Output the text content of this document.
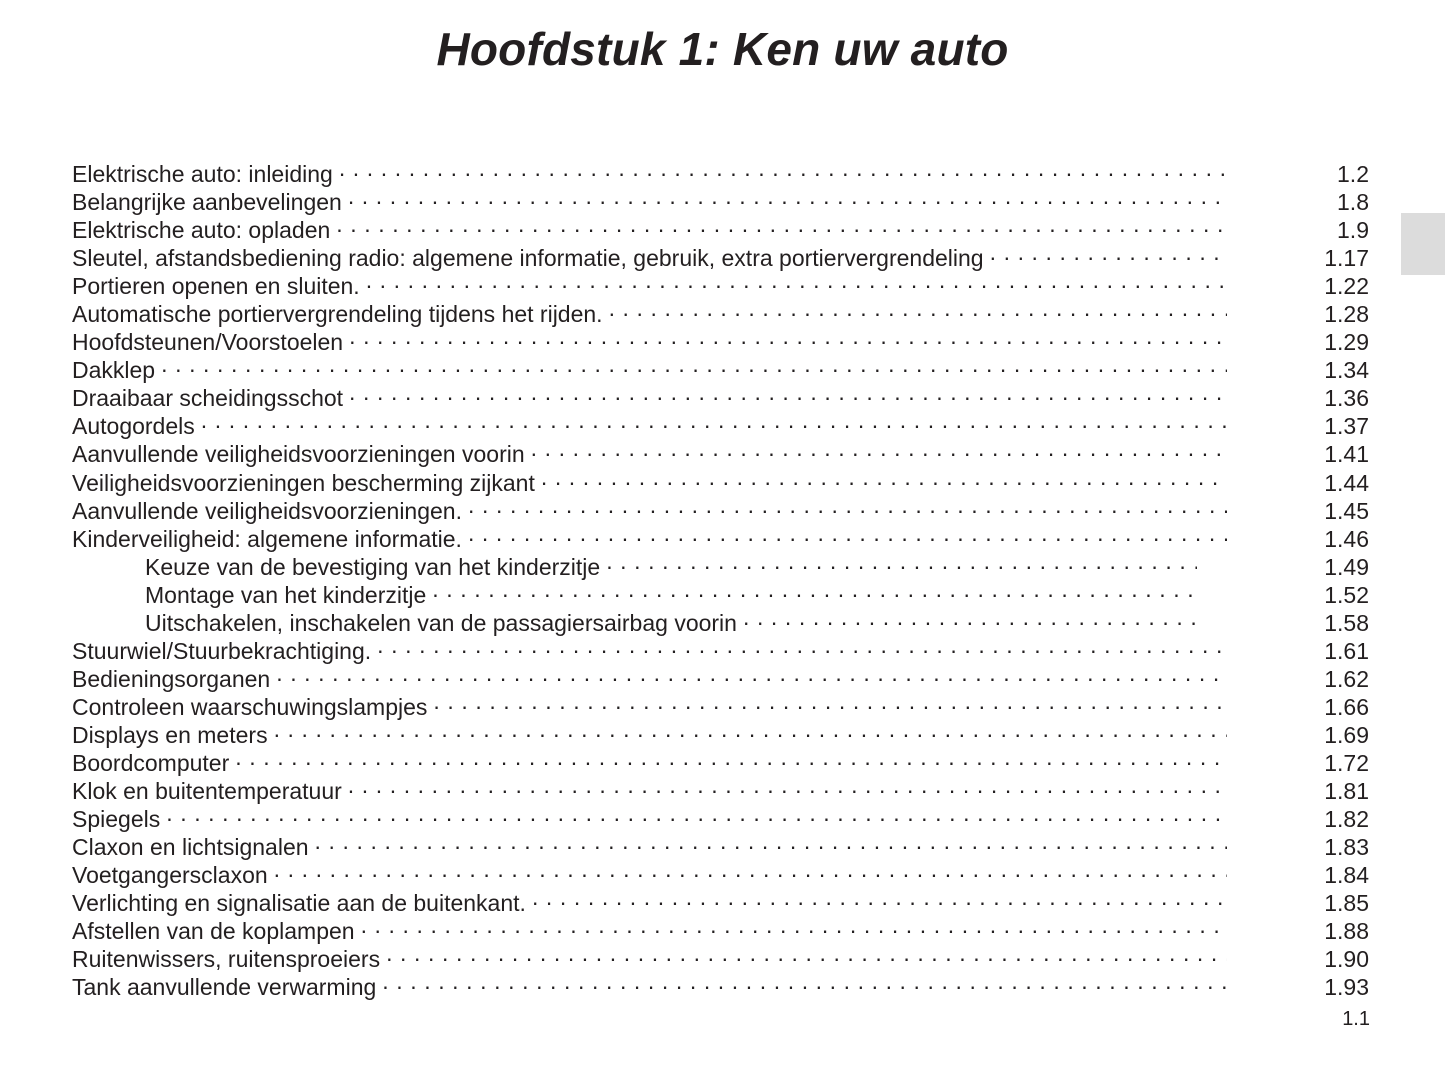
Hoofdstuk 1: Ken uw auto
Elektrische auto: inleiding . . .	1.2
Belangrijke aanbevelingen . . .	1.8
Elektrische auto: opladen . . .	1.9
Sleutel, afstandsbediening radio: algemene informatie, gebruik, extra portiervergrendeling . . .	1.17
Portieren openen en sluiten. . . .	1.22
Automatische portiervergrendeling tijdens het rijden. . . .	1.28
Hoofdsteunen/Voorstoelen . . .	1.29
Dakklep . . .	1.34
Draaibaar scheidingsschot . . .	1.36
Autogordels . . .	1.37
Aanvullende veiligheidsvoorzieningen voorin . . .	1.41
Veiligheidsvoorzieningen bescherming zijkant . . .	1.44
Aanvullende veiligheidsvoorzieningen. . . .	1.45
Kinderveiligheid: algemene informatie. . . .	1.46
Keuze van de bevestiging van het kinderzitje . . .	1.49
Montage van het kinderzitje . . .	1.52
Uitschakelen, inschakelen van de passagiersairbag voorin . . .	1.58
Stuurwiel/Stuurbekrachtiging. . . .	1.61
Bedieningsorganen . . .	1.62
Controleen waarschuwingslampjes . . .	1.66
Displays en meters . . .	1.69
Boordcomputer . . .	1.72
Klok en buitentemperatuur . . .	1.81
Spiegels . . .	1.82
Claxon en lichtsignalen . . .	1.83
Voetgangersclaxon . . .	1.84
Verlichting en signalisatie aan de buitenkant. . . .	1.85
Afstellen van de koplampen . . .	1.88
Ruitenwissers, ruitensproeiers . . .	1.90
Tank aanvullende verwarming . . .	1.93
1.1
